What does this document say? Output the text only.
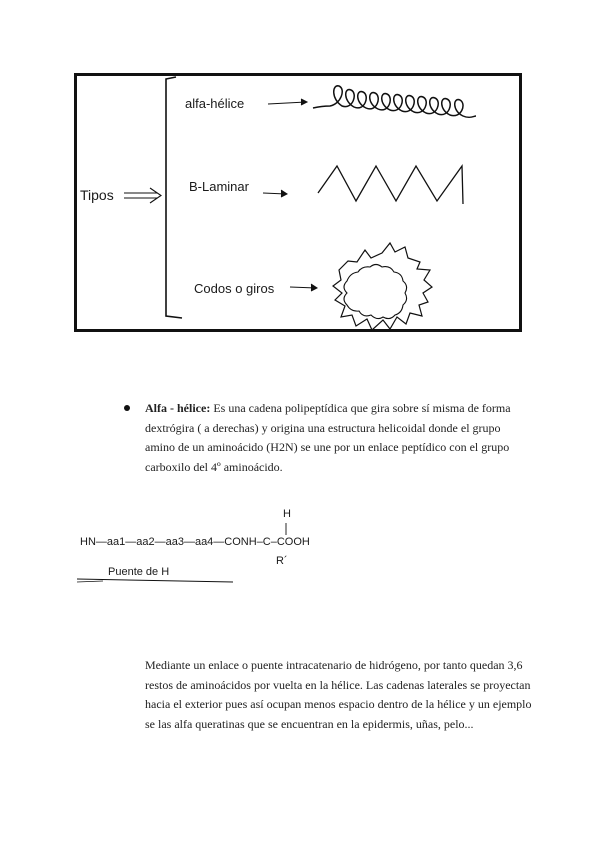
Tipos
alfa-hélice
B-Laminar
Codos o giros
Alfa - hélice: Es una cadena polipeptídica que gira sobre sí misma de forma dextrógira ( a derechas) y origina una estructura helicoidal donde el grupo amino de un aminoácido (H2N) se une por un enlace peptídico con el grupo carboxilo del 4º aminoácido.
H
HN—aa1—aa2—aa3—aa4—CONH–C–COOH
R´
Puente de H
Mediante un enlace o puente intracatenario de hidrógeno, por tanto quedan 3,6 restos de aminoácidos por vuelta en la hélice. Las cadenas laterales se proyectan hacia el exterior pues así ocupan menos espacio dentro de la hélice y un ejemplo se las alfa queratinas que se encuentran en la epidermis, uñas, pelo...
